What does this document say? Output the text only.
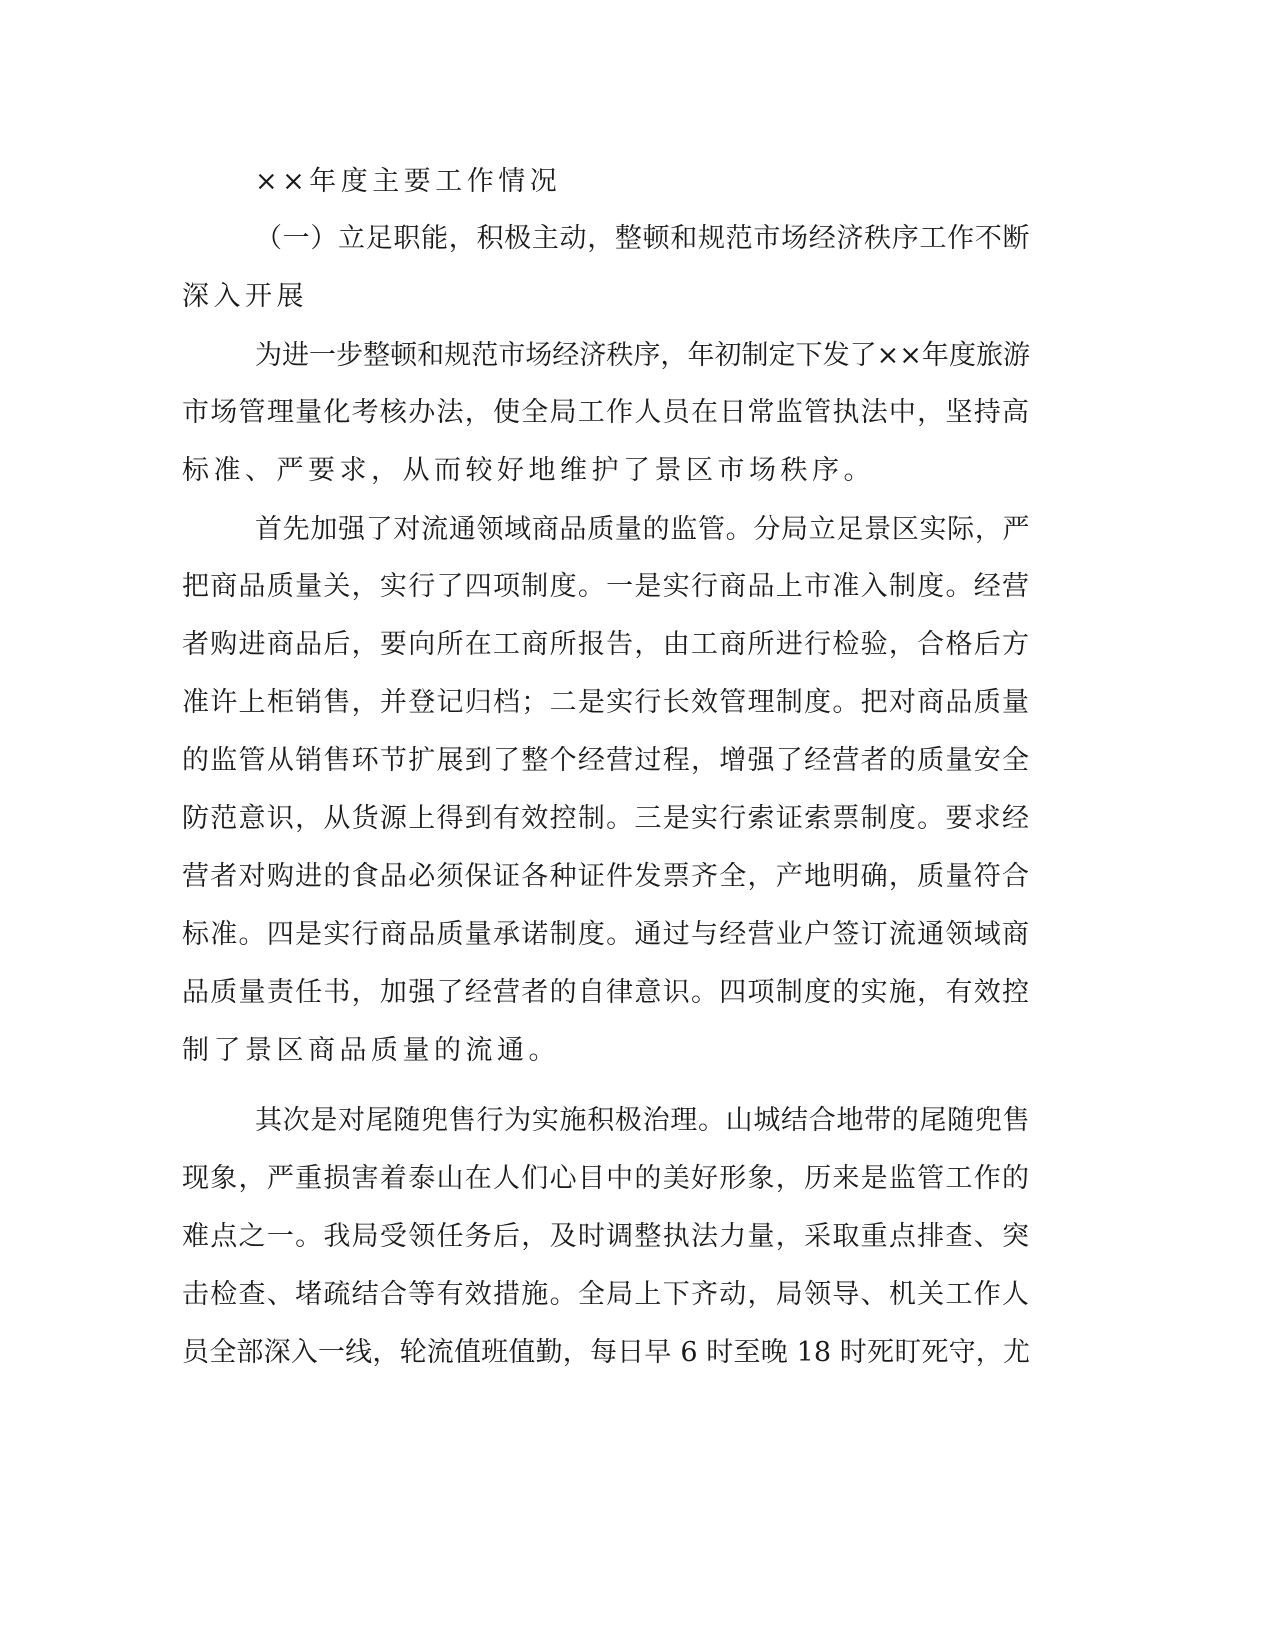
××年度主要工作情况
（一）立足职能，积极主动，整顿和规范市场经济秩序工作不断
深入开展
为进一步整顿和规范市场经济秩序，年初制定下发了××年度旅游
市场管理量化考核办法，使全局工作人员在日常监管执法中，坚持高
标准、严要求，从而较好地维护了景区市场秩序。
首先加强了对流通领域商品质量的监管。分局立足景区实际，严
把商品质量关，实行了四项制度。一是实行商品上市准入制度。经营
者购进商品后，要向所在工商所报告，由工商所进行检验，合格后方
准许上柜销售，并登记归档；二是实行长效管理制度。把对商品质量
的监管从销售环节扩展到了整个经营过程，增强了经营者的质量安全
防范意识，从货源上得到有效控制。三是实行索证索票制度。要求经
营者对购进的食品必须保证各种证件发票齐全，产地明确，质量符合
标准。四是实行商品质量承诺制度。通过与经营业户签订流通领域商
品质量责任书，加强了经营者的自律意识。四项制度的实施，有效控
制了景区商品质量的流通。
其次是对尾随兜售行为实施积极治理。山城结合地带的尾随兜售
现象，严重损害着泰山在人们心目中的美好形象，历来是监管工作的
难点之一。我局受领任务后，及时调整执法力量，采取重点排查、突
击检查、堵疏结合等有效措施。全局上下齐动，局领导、机关工作人
员全部深入一线，轮流值班值勤，每日早 6 时至晚 18 时死盯死守，尤
